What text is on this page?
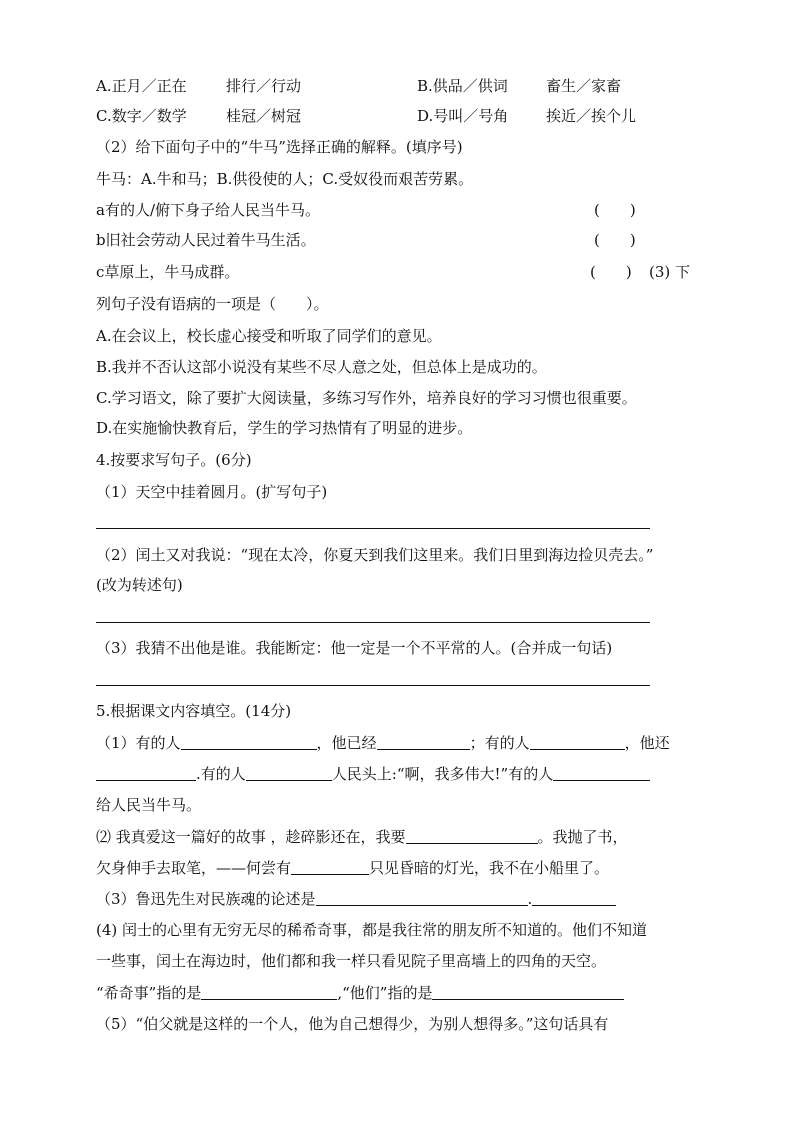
A.正月／正在	排行／行动	B.供品／供词	畜生／家畜
C.数字／数学	桂冠／树冠	D.号叫／号角	挨近／挨个儿
（2）给下面句子中的“牛马”选择正确的解释。(填序号)
牛马：A.牛和马；B.供役使的人；C.受奴役而艰苦劳累。
a有的人/俯下身子给人民当牛马。	(　　)
b旧社会劳动人民过着牛马生活。	(　　)
c草原上，牛马成群。	(　　) (3) 下
列句子没有语病的一项是（　　）。
A.在会议上，校长虚心接受和听取了同学们的意见。
B.我并不否认这部小说没有某些不尽人意之处，但总体上是成功的。
C.学习语文，除了要扩大阅读量，多练习写作外，培养良好的学习习惯也很重要。
D.在实施愉快教育后，学生的学习热情有了明显的进步。
4.按要求写句子。(6分)
（1）天空中挂着圆月。(扩写句子)
（2）闰土又对我说：“现在太冷，你夏天到我们这里来。我们日里到海边捡贝壳去。”
(改为转述句)
（3）我猜不出他是谁。我能断定：他一定是一个不平常的人。(合并成一句话)
5.根据课文内容填空。(14分)
（1）有的人	，他已经	；有的人	，他还
.有的人	人民头上:“啊，我多伟大!”有的人
给人民当牛马。
⑵ 我真爱这一篇好的故事 ，趁碎影还在，我要	。我抛了书，
欠身伸手去取笔，——何尝有	只见昏暗的灯光，我不在小船里了。
（3）鲁迅先生对民族魂的论述是	.
(4) 闰士的心里有无穷无尽的稀希奇事，都是我往常的朋友所不知道的。他们不知道
一些事，闰土在海边时，他们都和我一样只看见院子里高墙上的四角的天空。
“希奇事”指的是	,“他们”指的是
（5）“伯父就是这样的一个人，他为自己想得少，为别人想得多。”这句话具有
